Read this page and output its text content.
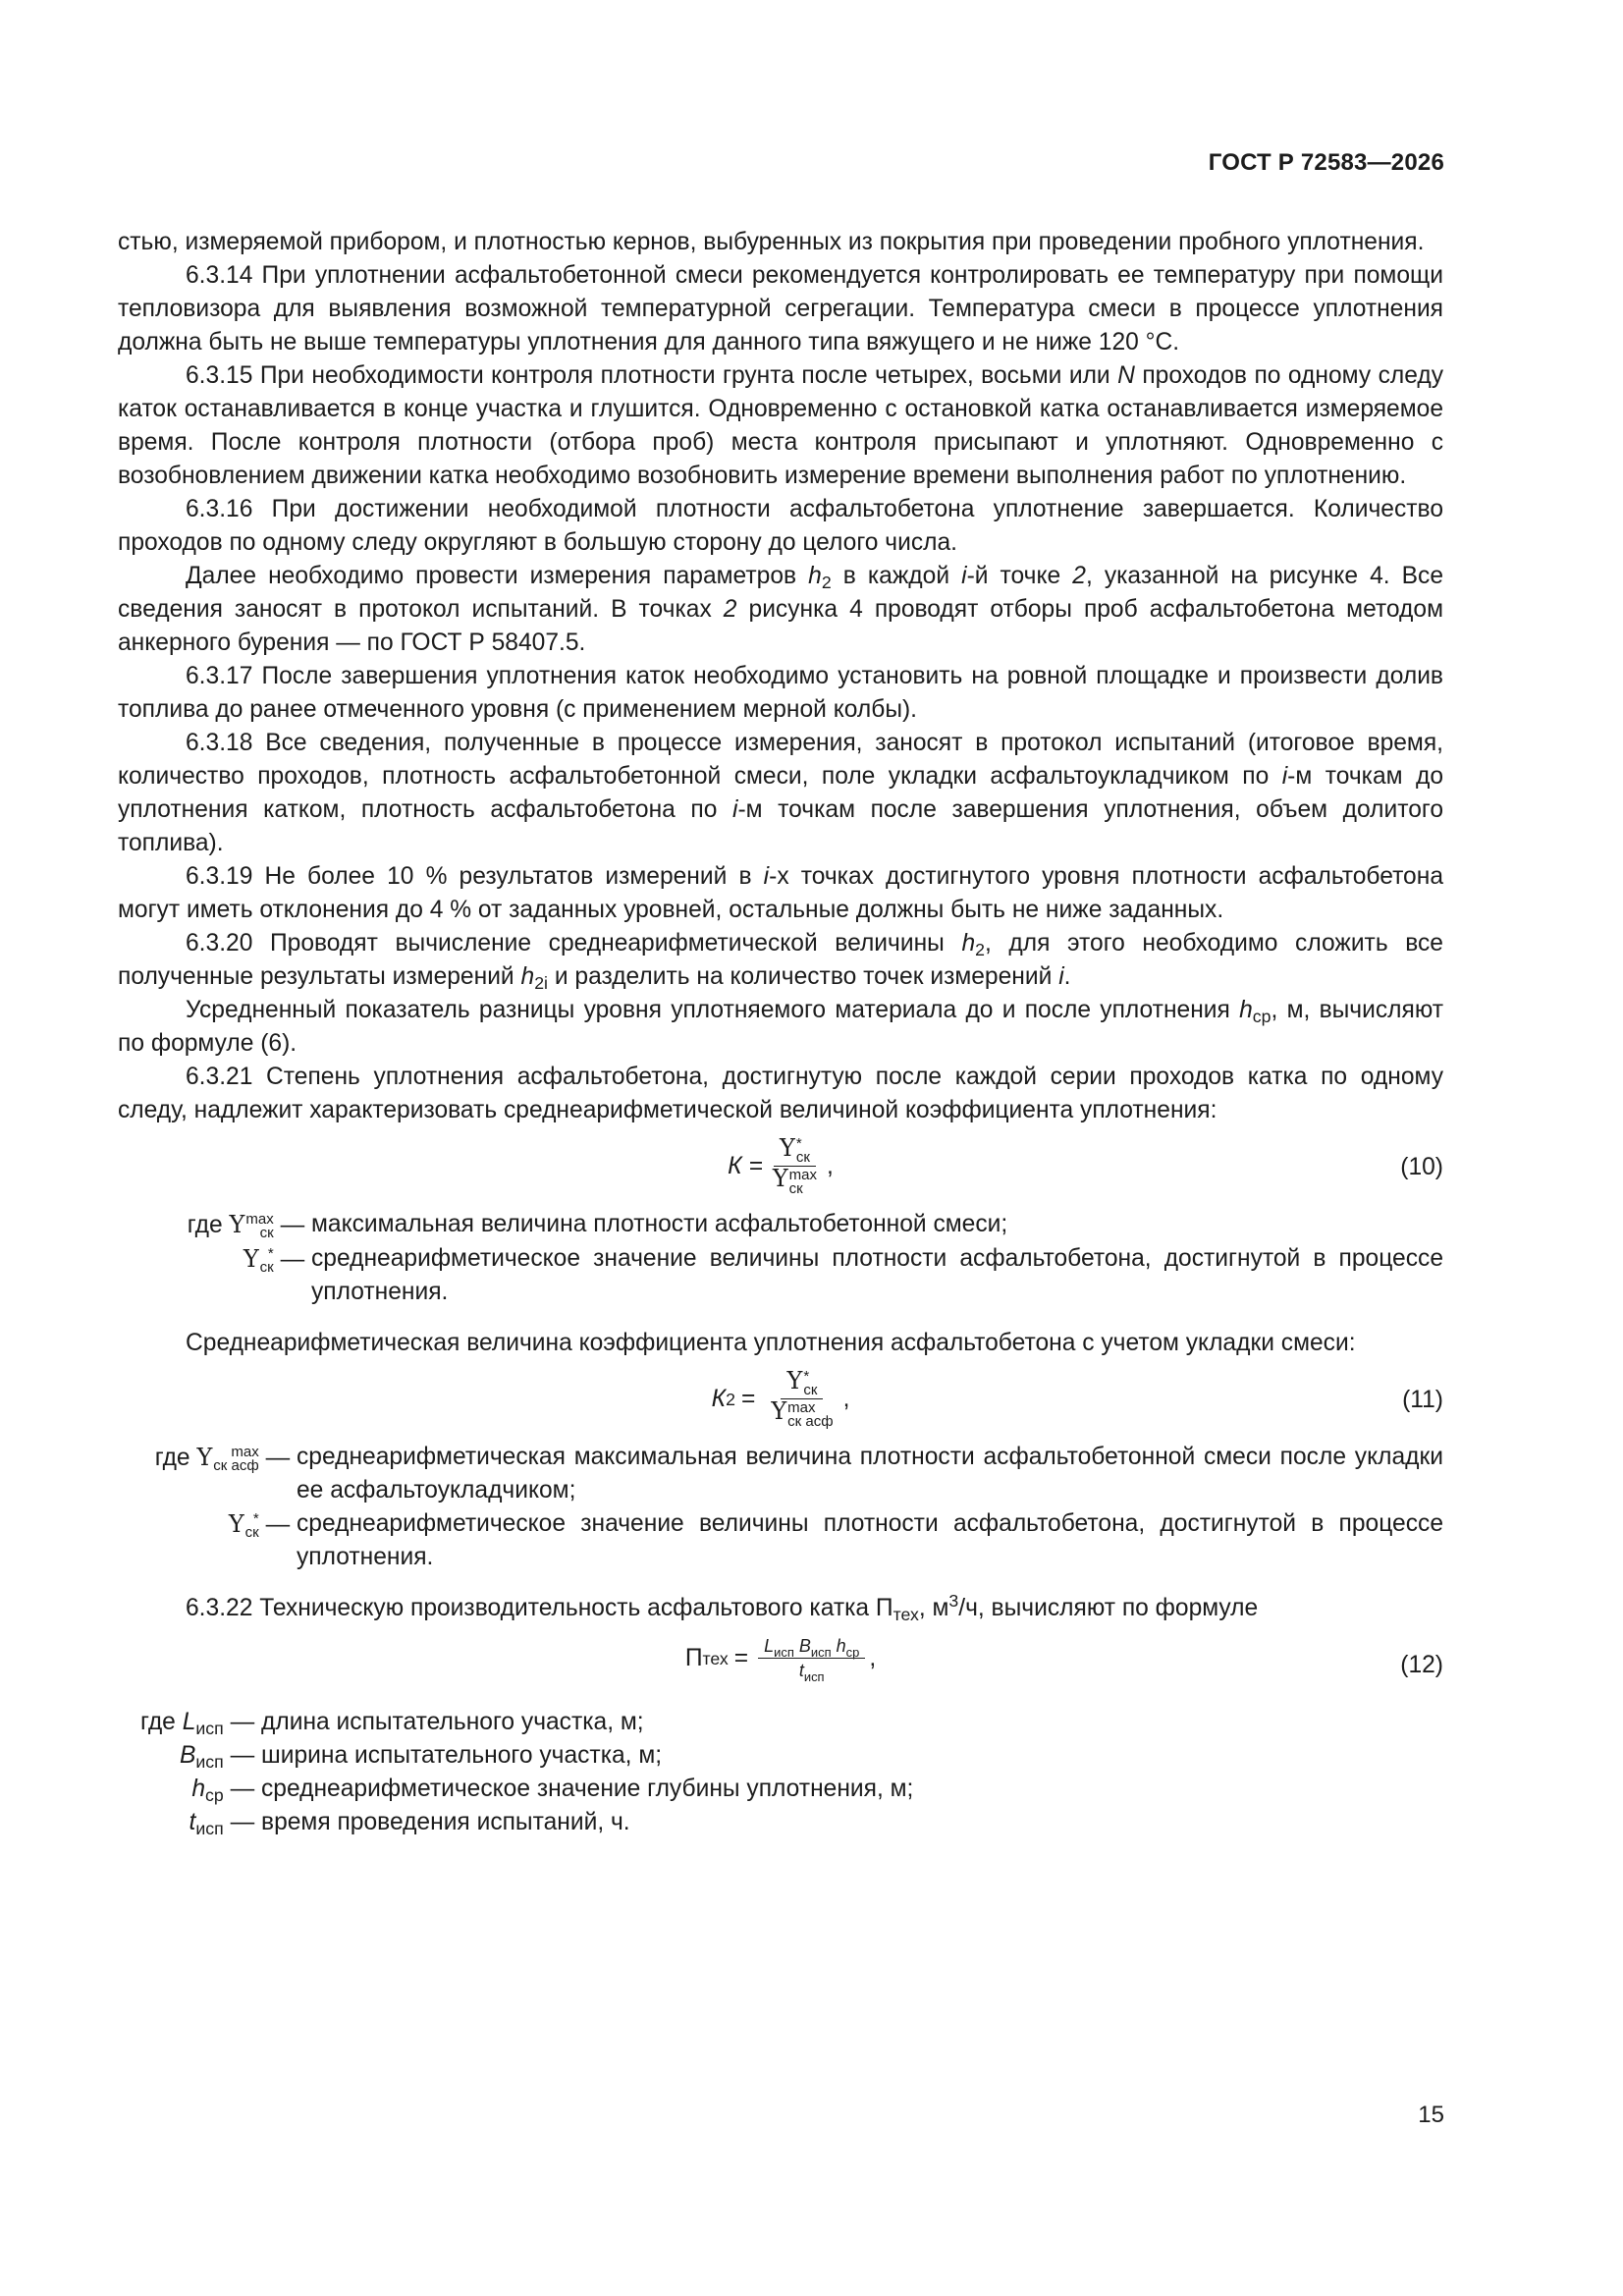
ГОСТ Р 72583—2026

стью, измеряемой прибором, и плотностью кернов, выбуренных из покрытия при проведении пробного уплотнения.

6.3.14 При уплотнении асфальтобетонной смеси рекомендуется контролировать ее температуру при помощи тепловизора для выявления возможной температурной сегрегации. Температура смеси в процессе уплотнения должна быть не выше температуры уплотнения для данного типа вяжущего и не ниже 120 °С.

6.3.15 При необходимости контроля плотности грунта после четырех, восьми или N проходов по одному следу каток останавливается в конце участка и глушится. Одновременно с остановкой катка останавливается измеряемое время. После контроля плотности (отбора проб) места контроля присыпают и уплотняют. Одновременно с возобновлением движении катка необходимо возобновить измерение времени выполнения работ по уплотнению.

6.3.16 При достижении необходимой плотности асфальтобетона уплотнение завершается. Количество проходов по одному следу округляют в большую сторону до целого числа.

Далее необходимо провести измерения параметров $h_2$ в каждой i-й точке 2, указанной на рисунке 4. Все сведения заносят в протокол испытаний. В точках 2 рисунка 4 проводят отборы проб асфальтобетона методом анкерного бурения — по ГОСТ Р 58407.5.

6.3.17 После завершения уплотнения каток необходимо установить на ровной площадке и произвести долив топлива до ранее отмеченного уровня (с применением мерной колбы).

6.3.18 Все сведения, полученные в процессе измерения, заносят в протокол испытаний (итоговое время, количество проходов, плотность асфальтобетонной смеси, поле укладки асфальтоукладчиком по i-м точкам до уплотнения катком, плотность асфальтобетона по i-м точкам после завершения уплотнения, объем долитого топлива).

6.3.19 Не более 10 % результатов измерений в i-х точках достигнутого уровня плотности асфальтобетона могут иметь отклонения до 4 % от заданных уровней, остальные должны быть не ниже заданных.

6.3.20 Проводят вычисление среднеарифметической величины $h_2$, для этого необходимо сложить все полученные результаты измерений $h_{2i}$ и разделить на количество точек измерений i.

Усредненный показатель разницы уровня уплотняемого материала до и после уплотнения $h_{ср}$, м, вычисляют по формуле (6).

6.3.21 Степень уплотнения асфальтобетона, достигнутую после каждой серии проходов катка по одному следу, надлежит характеризовать среднеарифметической величиной коэффициента уплотнения:

К = Y *
ск
Y max
ск ,	(10)
где Y max
ск — максимальная величина плотности асфальтобетонной смеси;
Y *
ск — среднеарифметическое значение величины плотности асфальтобетона, достигнутой в процессе уплотнения.

Среднеарифметическая величина коэффициента уплотнения асфальтобетона с учетом укладки смеси:

К 2 = Y *
ск
Y max
ск асф ,	(11)
где Y	max
ск асф — среднеарифметическая максимальная величина плотности асфальтобетонной смеси после укладки ее асфальтоукладчиком;
Y *
ск — среднеарифметическое значение величины плотности асфальтобетона, достигнутой в процессе уплотнения.

6.3.22 Техническую производительность асфальтового катка $П_{тех}$, $м^3/ч$, вычисляют по формуле

П тех = $\frac{L_{исп} B_{исп} h_{ср}}{t_{исп}}$ ,	(12)
где $L_{исп}$ — длина испытательного участка, м;
$B_{исп}$ — ширина испытательного участка, м;
$h_{ср}$ — среднеарифметическое значение глубины уплотнения, м;
$t_{исп}$ — время проведения испытаний, ч.
15
